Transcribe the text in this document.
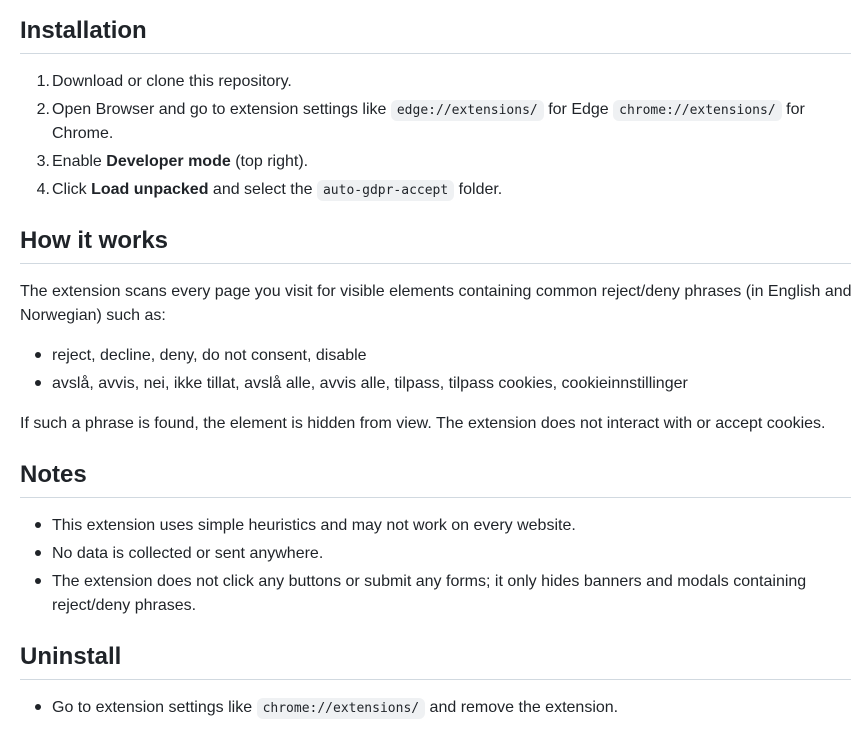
Installation
1. Download or clone this repository.

2. Open Browser and go to extension settings like edge://extensions/ for Edge chrome://extensions/ for

Chrome.

3. Enable Developer mode (top right).

4. Click Load unpacked and select the auto-gdpr-accept folder.

How it works

The extension scans every page you visit for visible elements containing common reject/deny phrases (in English and

Norwegian) such as:

reject, decline, deny, do not consent, disable

avslå, avvis, nei, ikke tillat, avslå alle, avvis alle, tilpass, tilpass cookies, cookieinnstillinger

If such a phrase is found, the element is hidden from view. The extension does not interact with or accept cookies.

Notes

This extension uses simple heuristics and may not work on every website.

No data is collected or sent anywhere.

The extension does not click any buttons or submit any forms; it only hides banners and modals containing

reject/deny phrases.

Uninstall

Go to extension settings like chrome://extensions/ and remove the extension.
